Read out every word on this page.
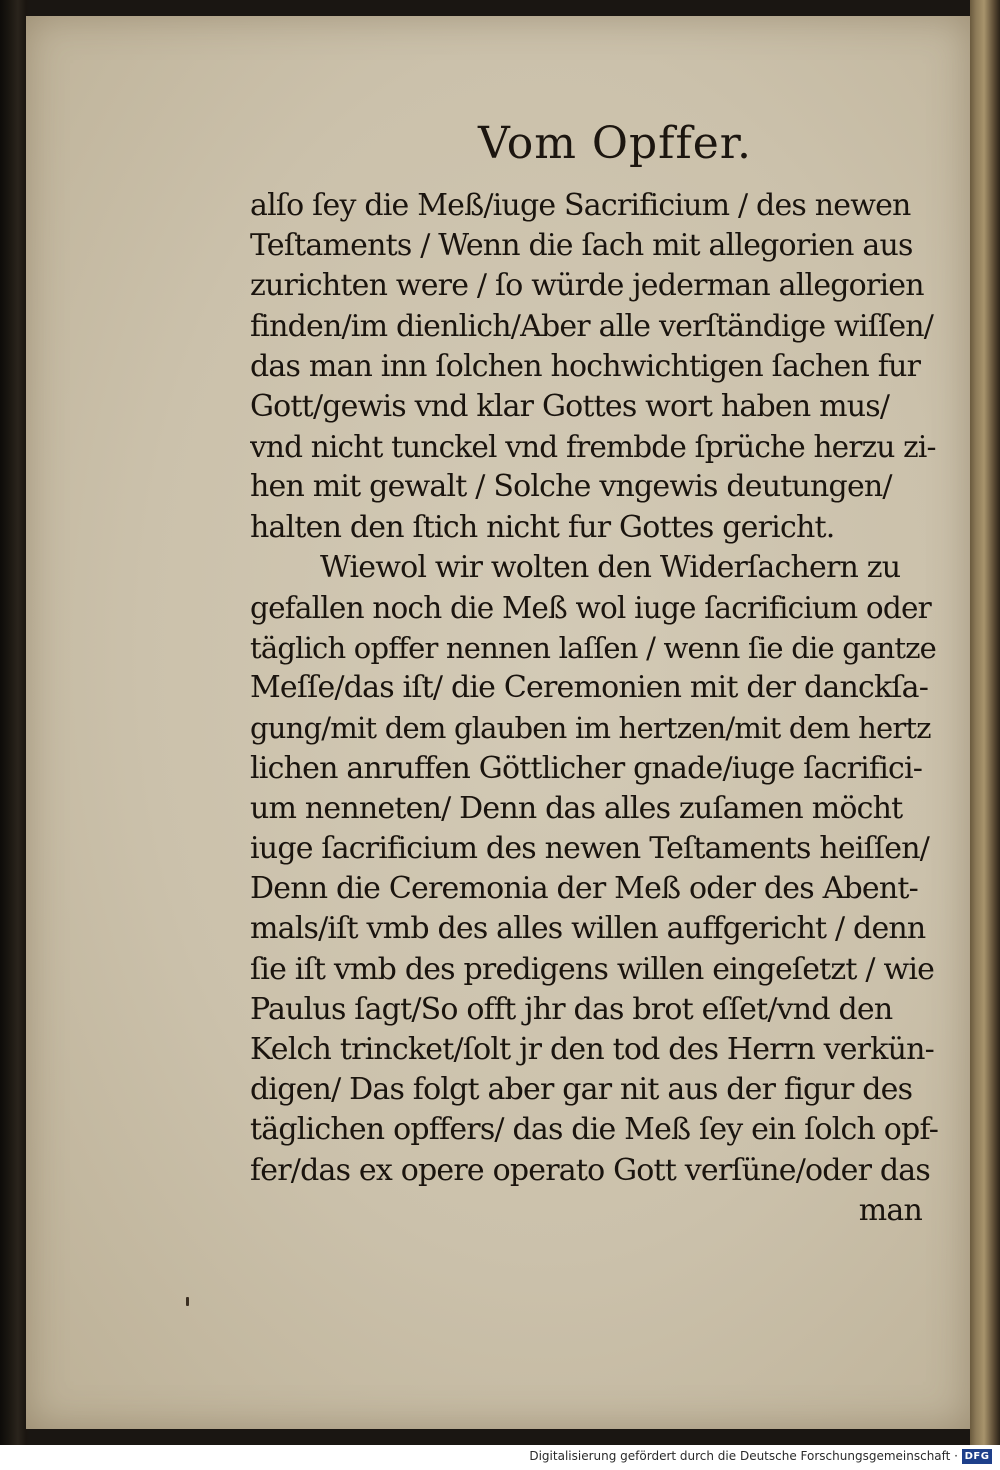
Vom Opffer.
alſo ſey die Meß/iuge Sacrificium / des newen
Teſtaments / Wenn die ſach mit allegorien aus
zurichten were / ſo würde jederman allegorien
finden/im dienlich/Aber alle verſtändige wiſſen/
das man inn ſolchen hochwichtigen ſachen fur
Gott/gewis vnd klar Gottes wort haben mus/
vnd nicht tunckel vnd frembde ſprüche herzu zi-
hen mit gewalt / Solche vngewis deutungen/
halten den ſtich nicht fur Gottes gericht.
Wiewol wir wolten den Widerſachern zu
gefallen noch die Meß wol iuge ſacrificium oder
täglich opffer nennen laſſen / wenn ſie die gantze
Meſſe/das iſt/ die Ceremonien mit der danckſa-
gung/mit dem glauben im hertzen/mit dem hertz
lichen anruffen Göttlicher gnade/iuge ſacrifici-
um nenneten/ Denn das alles zuſamen möcht
iuge ſacrificium des newen Teſtaments heiſſen/
Denn die Ceremonia der Meß oder des Abent-
mals/iſt vmb des alles willen auffgericht / denn
ſie iſt vmb des predigens willen eingeſetzt / wie
Paulus ſagt/So offt jhr das brot eſſet/vnd den
Kelch trincket/ſolt jr den tod des Herrn verkün-
digen/ Das folgt aber gar nit aus der figur des
täglichen opffers/ das die Meß ſey ein ſolch opf-
fer/das ex opere operato Gott verſüne/oder das
man
Digitalisierung gefördert durch die Deutsche Forschungsgemeinschaft · DFG
